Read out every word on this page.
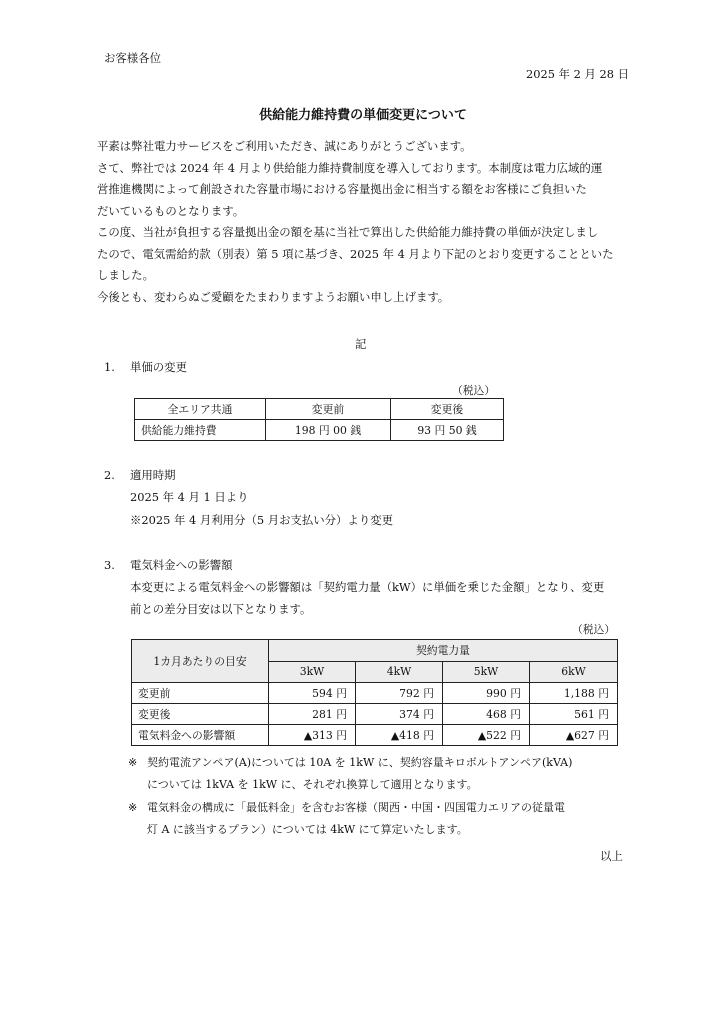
お客様各位
2025 年 2 月 28 日
供給能力維持費の単価変更について
平素は弊社電力サービスをご利用いただき、誠にありがとうございます。
さて、弊社では 2024 年 4 月より供給能力維持費制度を導入しております。本制度は電力広域的運
営推進機関によって創設された容量市場における容量拠出金に相当する額をお客様にご負担いた
だいているものとなります。
この度、当社が負担する容量拠出金の額を基に当社で算出した供給能力維持費の単価が決定しまし
たので、電気需給約款（別表）第 5 項に基づき、2025 年 4 月より下記のとおり変更することといた
しました。
今後とも、変わらぬご愛顧をたまわりますようお願い申し上げます。
記
1. 単価の変更
（税込）
全エリア共通	変更前	変更後
供給能力維持費	198 円 00 銭	93 円 50 銭
2. 適用時期
2025 年 4 月 1 日より
※2025 年 4 月利用分（5 月お支払い分）より変更
3. 電気料金への影響額
本変更による電気料金への影響額は「契約電力量（kW）に単価を乗じた金額」となり、変更
前との差分目安は以下となります。
（税込）
1カ月あたりの目安	契約電力量			
	3kW	4kW	5kW	6kW
変更前	594 円	792 円	990 円	1,188 円
変更後	281 円	374 円	468 円	561 円
電気料金への影響額	▲313 円	▲418 円	▲522 円	▲627 円
※ 契約電流アンペア(A)については 10A を 1kW に、契約容量キロボルトアンペア(kVA)
については 1kVA を 1kW に、それぞれ換算して適用となります。
※ 電気料金の構成に「最低料金」を含むお客様（関西・中国・四国電力エリアの従量電
灯 A に該当するプラン）については 4kW にて算定いたします。
以上
